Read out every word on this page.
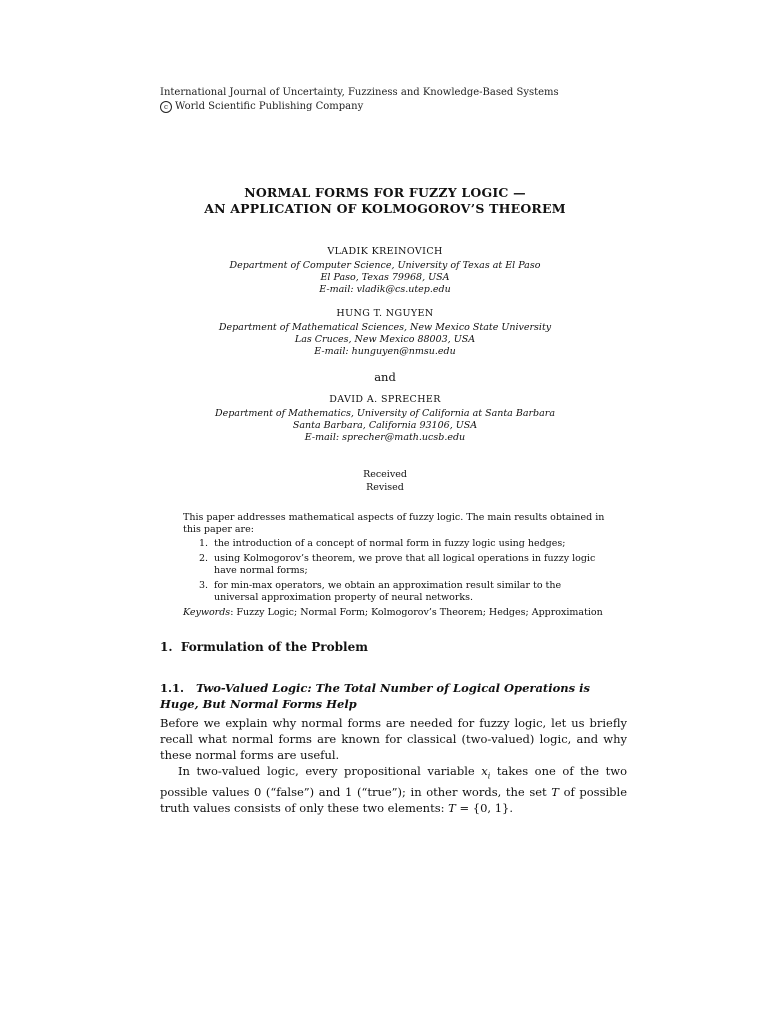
International Journal of Uncertainty, Fuzziness and Knowledge-Based Systems
c World Scientific Publishing Company
NORMAL FORMS FOR FUZZY LOGIC —
AN APPLICATION OF KOLMOGOROV’S THEOREM
VLADIK KREINOVICH
Department of Computer Science, University of Texas at El Paso
El Paso, Texas 79968, USA
E-mail: vladik@cs.utep.edu
HUNG T. NGUYEN
Department of Mathematical Sciences, New Mexico State University
Las Cruces, New Mexico 88003, USA
E-mail: hunguyen@nmsu.edu
and
DAVID A. SPRECHER
Department of Mathematics, University of California at Santa Barbara
Santa Barbara, California 93106, USA
E-mail: sprecher@math.ucsb.edu
Received
Revised

This paper addresses mathematical aspects of fuzzy logic. The main results obtained in this paper are:

1. the introduction of a concept of normal form in fuzzy logic using hedges;
2. using Kolmogorov’s theorem, we prove that all logical operations in fuzzy logic have normal forms;
3. for min-max operators, we obtain an approximation result similar to the universal approximation property of neural networks.
Keywords: Fuzzy Logic; Normal Form; Kolmogorov’s Theorem; Hedges; Approximation
1. Formulation of the Problem
1.1. Two-Valued Logic: The Total Number of Logical Operations is Huge, But Normal Forms Help

Before we explain why normal forms are needed for fuzzy logic, let us briefly recall what normal forms are known for classical (two-valued) logic, and why these normal forms are useful.

In two-valued logic, every propositional variable $x_i$ takes one of the two possible values 0 (“false”) and 1 (“true”); in other words, the set T of possible truth values consists of only these two elements: T = {0, 1}.
